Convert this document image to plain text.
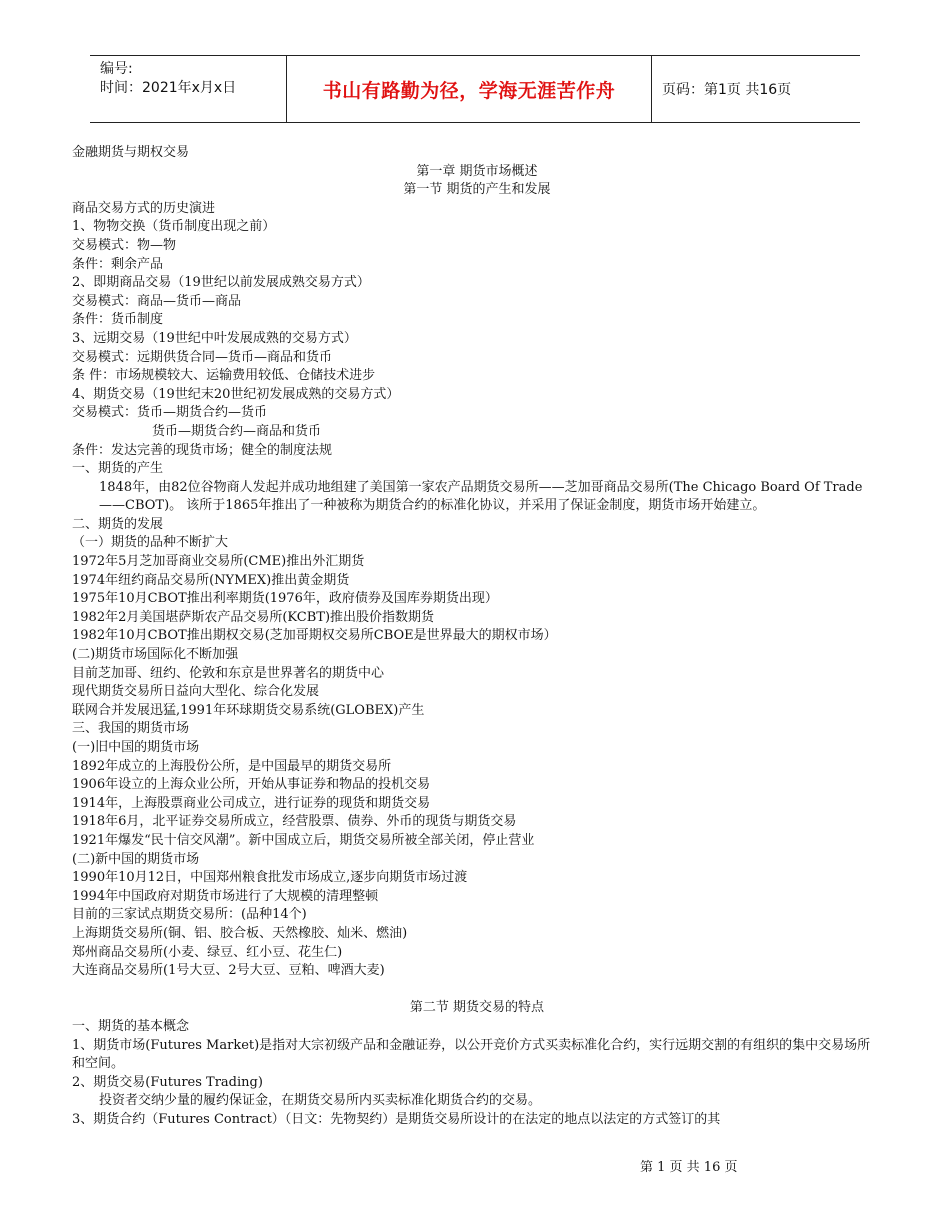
编号:
时间：2021年x月x日	书山有路勤为径，学海无涯苦作舟	页码：第1页 共16页
金融期货与期权交易
第一章 期货市场概述
第一节 期货的产生和发展
商品交易方式的历史演进
1、物物交换（货币制度出现之前）
交易模式：物—物
条件：剩余产品
2、即期商品交易（19世纪以前发展成熟交易方式）
交易模式：商品—货币—商品
条件：货币制度
3、远期交易（19世纪中叶发展成熟的交易方式）
交易模式：远期供货合同—货币—商品和货币
条 件：市场规模较大、运输费用较低、仓储技术进步
4、期货交易（19世纪末20世纪初发展成熟的交易方式）
交易模式：货币—期货合约—货币
货币—期货合约—商品和货币
条件：发达完善的现货市场；健全的制度法规
一、期货的产生
1848年，由82位谷物商人发起并成功地组建了美国第一家农产品期货交易所——芝加哥商品交易所(The Chicago Board Of Trade——CBOT)。 该所于1865年推出了一种被称为期货合约的标准化协议，并采用了保证金制度，期货市场开始建立。
二、期货的发展
（一）期货的品种不断扩大
1972年5月芝加哥商业交易所(CME)推出外汇期货
1974年纽约商品交易所(NYMEX)推出黄金期货
1975年10月CBOT推出利率期货(1976年，政府债券及国库券期货出现）
1982年2月美国堪萨斯农产品交易所(KCBT)推出股价指数期货
1982年10月CBOT推出期权交易(芝加哥期权交易所CBOE是世界最大的期权市场）
(二)期货市场国际化不断加强
目前芝加哥、纽约、伦敦和东京是世界著名的期货中心
现代期货交易所日益向大型化、综合化发展
联网合并发展迅猛,1991年环球期货交易系统(GLOBEX)产生
三、我国的期货市场
(一)旧中国的期货市场
1892年成立的上海股份公所，是中国最早的期货交易所
1906年设立的上海众业公所，开始从事证券和物品的投机交易
1914年，上海股票商业公司成立，进行证券的现货和期货交易
1918年6月，北平证券交易所成立，经营股票、债券、外币的现货与期货交易
1921年爆发“民十信交风潮”。新中国成立后，期货交易所被全部关闭，停止营业
(二)新中国的期货市场
1990年10月12日，中国郑州粮食批发市场成立,逐步向期货市场过渡
1994年中国政府对期货市场进行了大规模的清理整顿
目前的三家试点期货交易所：(品种14个)
上海期货交易所(铜、铝、胶合板、天然橡胶、灿米、燃油)
郑州商品交易所(小麦、绿豆、红小豆、花生仁)
大连商品交易所(1号大豆、2号大豆、豆粕、啤酒大麦)
第二节 期货交易的特点
一、期货的基本概念
1、期货市场(Futures Market)是指对大宗初级产品和金融证券，以公开竞价方式买卖标准化合约，实行远期交割的有组织的集中交易场所和空间。
2、期货交易(Futures Trading)
投资者交纳少量的履约保证金，在期货交易所内买卖标准化期货合约的交易。
3、期货合约（Futures Contract）（日文：先物契约）是期货交易所设计的在法定的地点以法定的方式签订的其
第 1 页 共 16 页
